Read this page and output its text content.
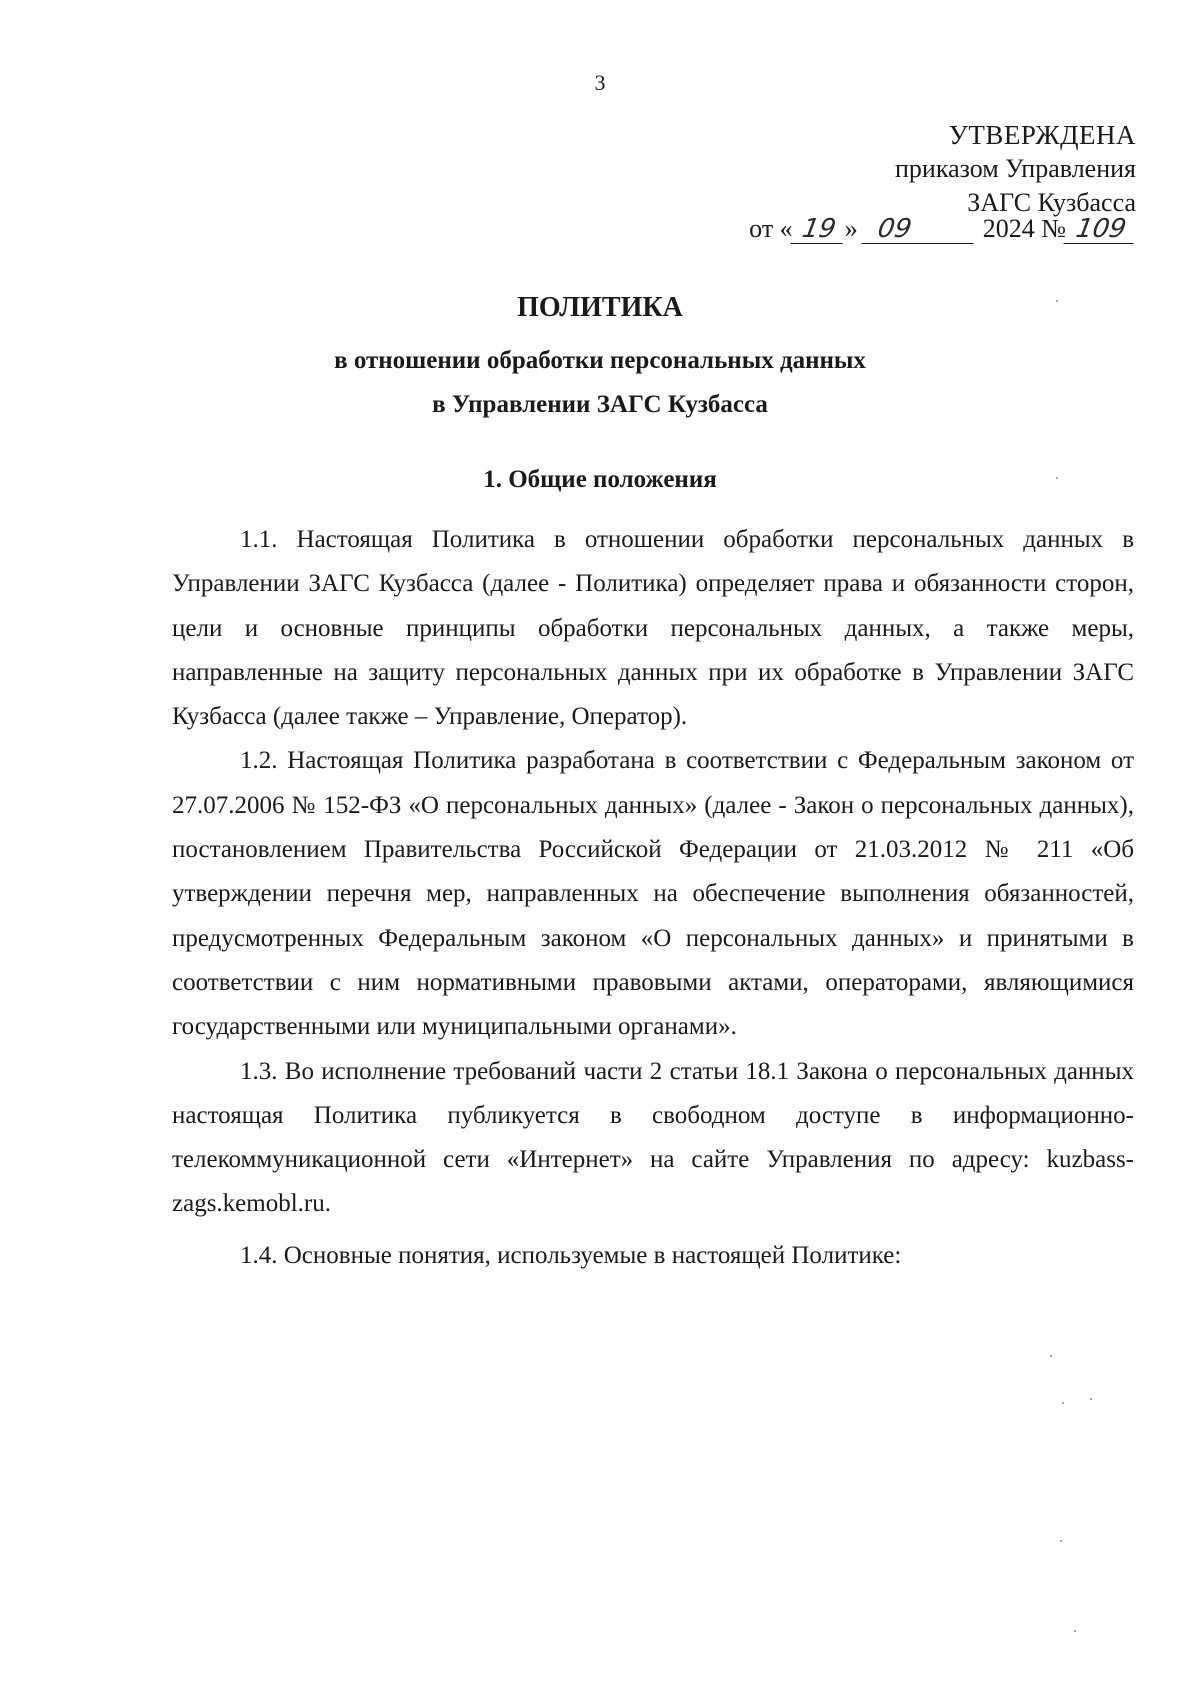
3
УТВЕРЖДЕНА
приказом Управления
ЗАГС Кузбасса
от « 19 » 09	2024 № 109
ПОЛИТИКА
в отношении обработки персональных данных
в Управлении ЗАГС Кузбасса
1. Общие положения

1.1. Настоящая Политика в отношении обработки персональных данных в Управлении ЗАГС Кузбасса (далее - Политика) определяет права и обязанности сторон, цели и основные принципы обработки персональных данных, а также меры, направленные на защиту персональных данных при их обработке в Управлении ЗАГС Кузбасса (далее также – Управление, Оператор).

1.2. Настоящая Политика разработана в соответствии с Федеральным законом от 27.07.2006 № 152-ФЗ «О персональных данных» (далее - Закон о персональных данных), постановлением Правительства Российской Федерации от 21.03.2012 № 211 «Об утверждении перечня мер, направленных на обеспечение выполнения обязанностей, предусмотренных Федеральным законом «О персональных данных» и принятыми в соответствии с ним нормативными правовыми актами, операторами, являющимися государственными или муниципальными органами».

1.3. Во исполнение требований части 2 статьи 18.1 Закона о персональных данных настоящая Политика публикуется в свободном доступе в информационно-телекоммуникационной сети «Интернет» на сайте Управления по адресу: kuzbass-zags.kemobl.ru.

1.4. Основные понятия, используемые в настоящей Политике:
